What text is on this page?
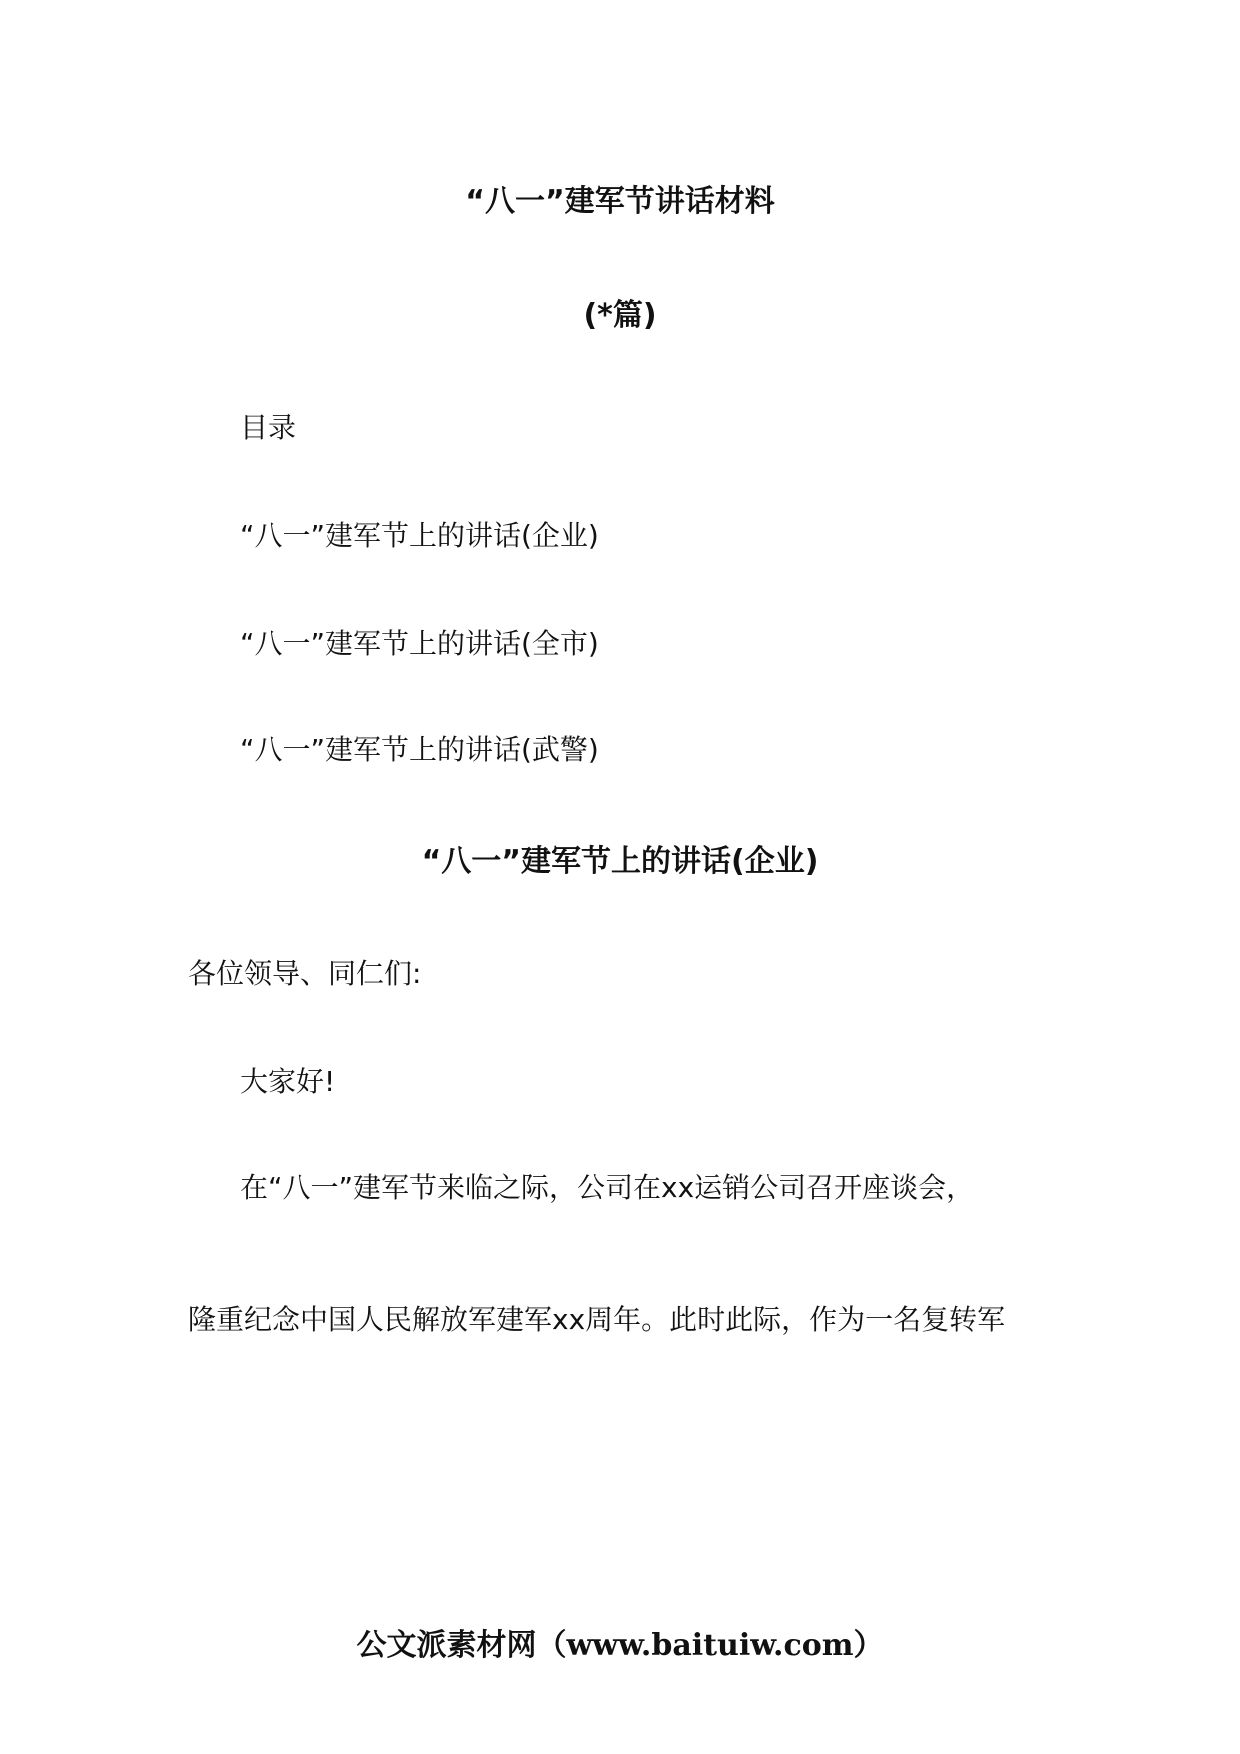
“八一”建军节讲话材料
(*篇)
目录
“八一”建军节上的讲话(企业)
“八一”建军节上的讲话(全市)
“八一”建军节上的讲话(武警)
“八一”建军节上的讲话(企业)
各位领导、同仁们:
大家好!
在“八一”建军节来临之际，公司在xx运销公司召开座谈会，
隆重纪念中国人民解放军建军xx周年。此时此际，作为一名复转军
公文派素材网（www.baituiw.com）
